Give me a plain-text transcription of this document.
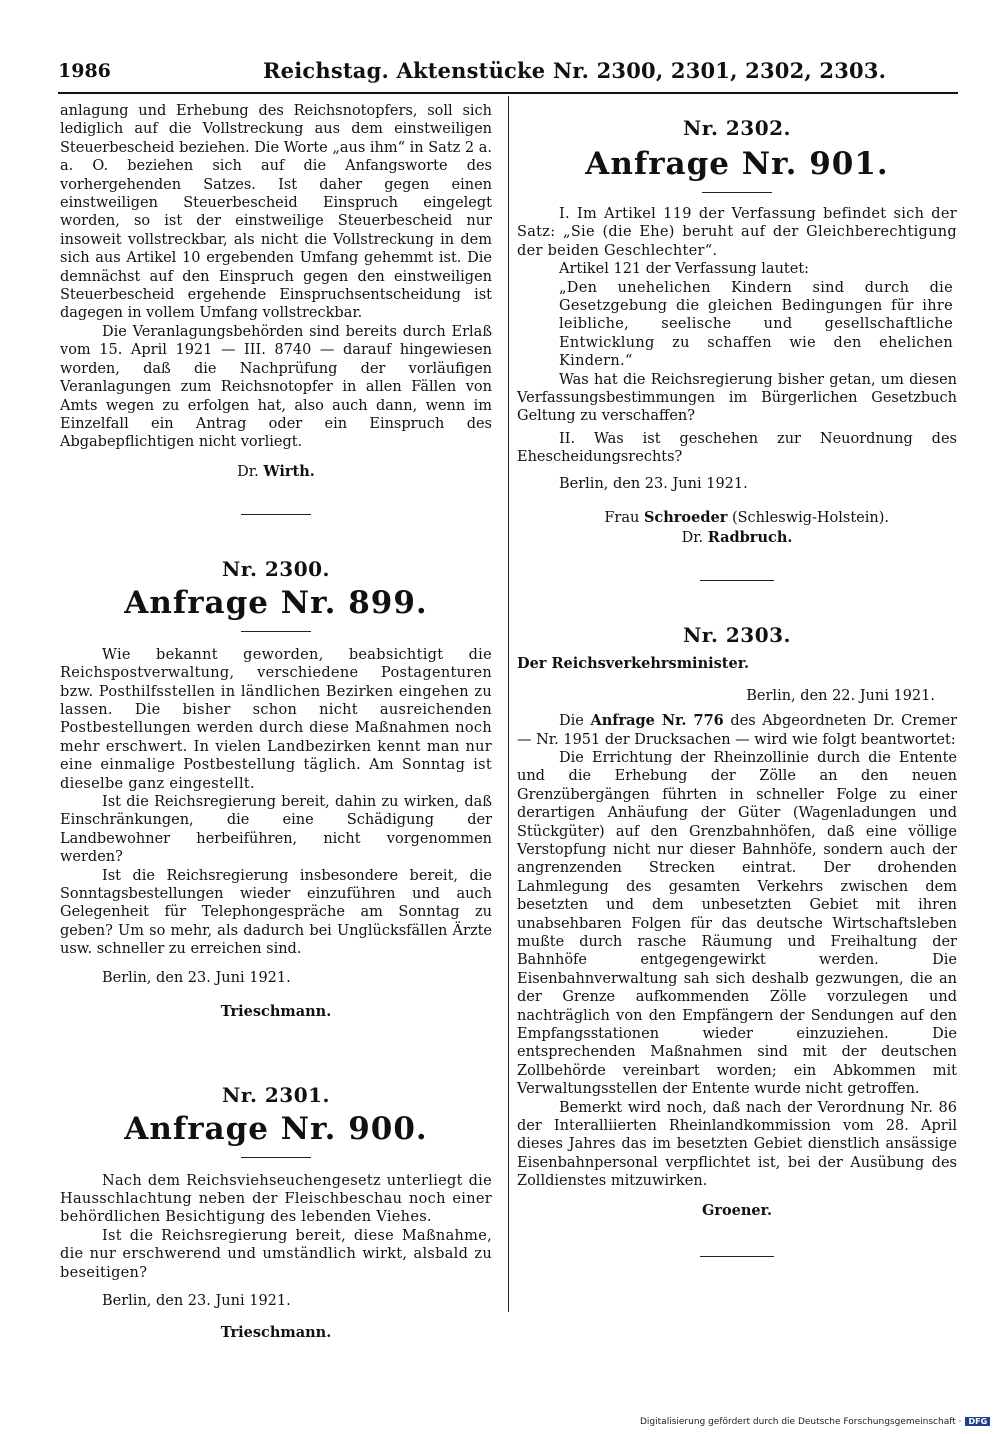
1986	Reichstag. Aktenstücke Nr. 2300, 2301, 2302, 2303.

anlagung und Erhebung des Reichsnotopfers, soll sich lediglich auf die Vollstreckung aus dem einstweiligen Steuerbescheid beziehen. Die Worte „aus ihm“ in Satz 2 a. a. O. beziehen sich auf die Anfangsworte des vorhergehenden Satzes. Ist daher gegen einen einstweiligen Steuerbescheid Einspruch eingelegt worden, so ist der einstweilige Steuerbescheid nur insoweit vollstreckbar, als nicht die Vollstreckung in dem sich aus Artikel 10 ergebenden Umfang gehemmt ist. Die demnächst auf den Einspruch gegen den einstweiligen Steuerbescheid ergehende Einspruchsentscheidung ist dagegen in vollem Umfang vollstreckbar.

Die Veranlagungsbehörden sind bereits durch Erlaß vom 15. April 1921 — III. 8740 — darauf hingewiesen worden, daß die Nachprüfung der vorläufigen Veranlagungen zum Reichsnotopfer in allen Fällen von Amts wegen zu erfolgen hat, also auch dann, wenn im Einzelfall ein Antrag oder ein Einspruch des Abgabepflichtigen nicht vorliegt.

Dr. Wirth.
Nr. 2300.
Anfrage Nr. 899.

Wie bekannt geworden, beabsichtigt die Reichspostverwaltung, verschiedene Postagenturen bzw. Posthilfsstellen in ländlichen Bezirken eingehen zu lassen. Die bisher schon nicht ausreichenden Postbestellungen werden durch diese Maßnahmen noch mehr erschwert. In vielen Landbezirken kennt man nur eine einmalige Postbestellung täglich. Am Sonntag ist dieselbe ganz eingestellt.

Ist die Reichsregierung bereit, dahin zu wirken, daß Einschränkungen, die eine Schädigung der Landbewohner herbeiführen, nicht vorgenommen werden?

Ist die Reichsregierung insbesondere bereit, die Sonntagsbestellungen wieder einzuführen und auch Gelegenheit für Telephongespräche am Sonntag zu geben? Um so mehr, als dadurch bei Unglücksfällen Ärzte usw. schneller zu erreichen sind.

Berlin, den 23. Juni 1921.

Trieschmann.
Nr. 2301.
Anfrage Nr. 900.

Nach dem Reichsviehseuchengesetz unterliegt die Hausschlachtung neben der Fleischbeschau noch einer behördlichen Besichtigung des lebenden Viehes.

Ist die Reichsregierung bereit, diese Maßnahme, die nur erschwerend und umständlich wirkt, alsbald zu beseitigen?

Berlin, den 23. Juni 1921.

Trieschmann.
Nr. 2302.
Anfrage Nr. 901.

I. Im Artikel 119 der Verfassung befindet sich der Satz: „Sie (die Ehe) beruht auf der Gleichberechtigung der beiden Geschlechter“.

Artikel 121 der Verfassung lautet:

„Den unehelichen Kindern sind durch die Gesetzgebung die gleichen Bedingungen für ihre leibliche, seelische und gesellschaftliche Entwicklung zu schaffen wie den ehelichen Kindern.“

Was hat die Reichsregierung bisher getan, um diesen Verfassungsbestimmungen im Bürgerlichen Gesetzbuch Geltung zu verschaffen?

II. Was ist geschehen zur Neuordnung des Ehescheidungsrechts?

Berlin, den 23. Juni 1921.

Frau Schroeder (Schleswig-Holstein).
Dr. Radbruch.
Nr. 2303.

Der Reichsverkehrsminister.

Berlin, den 22. Juni 1921.

Die Anfrage Nr. 776 des Abgeordneten Dr. Cremer — Nr. 1951 der Drucksachen — wird wie folgt beantwortet:

Die Errichtung der Rheinzollinie durch die Entente und die Erhebung der Zölle an den neuen Grenzübergängen führten in schneller Folge zu einer derartigen Anhäufung der Güter (Wagenladungen und Stückgüter) auf den Grenzbahnhöfen, daß eine völlige Verstopfung nicht nur dieser Bahnhöfe, sondern auch der angrenzenden Strecken eintrat. Der drohenden Lahmlegung des gesamten Verkehrs zwischen dem besetzten und dem unbesetzten Gebiet mit ihren unabsehbaren Folgen für das deutsche Wirtschaftsleben mußte durch rasche Räumung und Freihaltung der Bahnhöfe entgegengewirkt werden. Die Eisenbahnverwaltung sah sich deshalb gezwungen, die an der Grenze aufkommenden Zölle vorzulegen und nachträglich von den Empfängern der Sendungen auf den Empfangsstationen wieder einzuziehen. Die entsprechenden Maßnahmen sind mit der deutschen Zollbehörde vereinbart worden; ein Abkommen mit Verwaltungsstellen der Entente wurde nicht getroffen.

Bemerkt wird noch, daß nach der Verordnung Nr. 86 der Interalliierten Rheinlandkommission vom 28. April dieses Jahres das im besetzten Gebiet dienstlich ansässige Eisenbahnpersonal verpflichtet ist, bei der Ausübung des Zolldienstes mitzuwirken.

Groener.
Digitalisierung gefördert durch die Deutsche Forschungsgemeinschaft · DFG
